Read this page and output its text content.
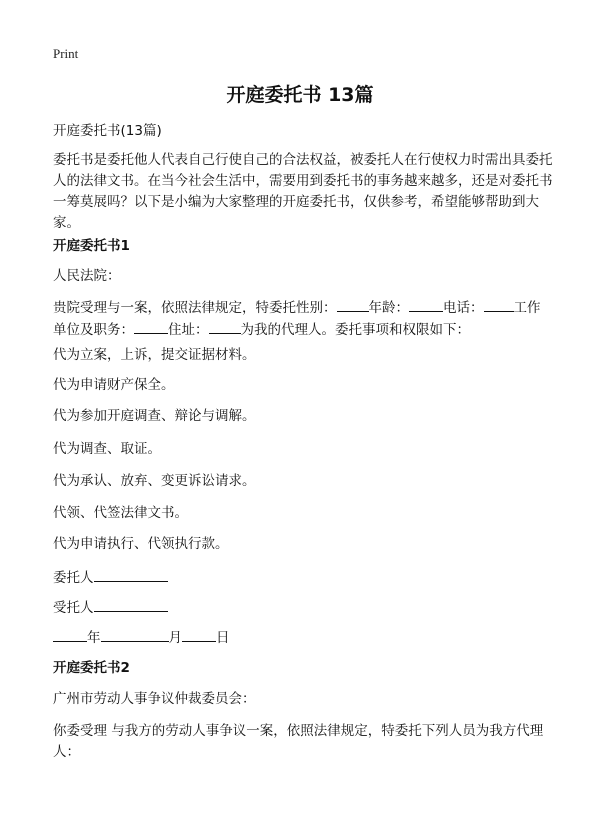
Print
开庭委托书 13篇
开庭委托书(13篇)
委托书是委托他人代表自己行使自己的合法权益，被委托人在行使权力时需出具委托人的法律文书。在当今社会生活中，需要用到委托书的事务越来越多，还是对委托书一筹莫展吗？以下是小编为大家整理的开庭委托书，仅供参考，希望能够帮助到大家。
开庭委托书1
人民法院：
贵院受理与一案，依照法律规定，特委托性别： 年龄：	电话： 工作单位及职务：	住址： 为我的代理人。委托事项和权限如下：
代为立案，上诉，提交证据材料。
代为申请财产保全。
代为参加开庭调查、辩论与调解。
代为调查、取证。
代为承认、放弃、变更诉讼请求。
代领、代签法律文书。
代为申请执行、代领执行款。
委托人
受托人
年	月	日
开庭委托书2
广州市劳动人事争议仲裁委员会：
你委受理 与我方的劳动人事争议一案，依照法律规定，特委托下列人员为我方代理人：
